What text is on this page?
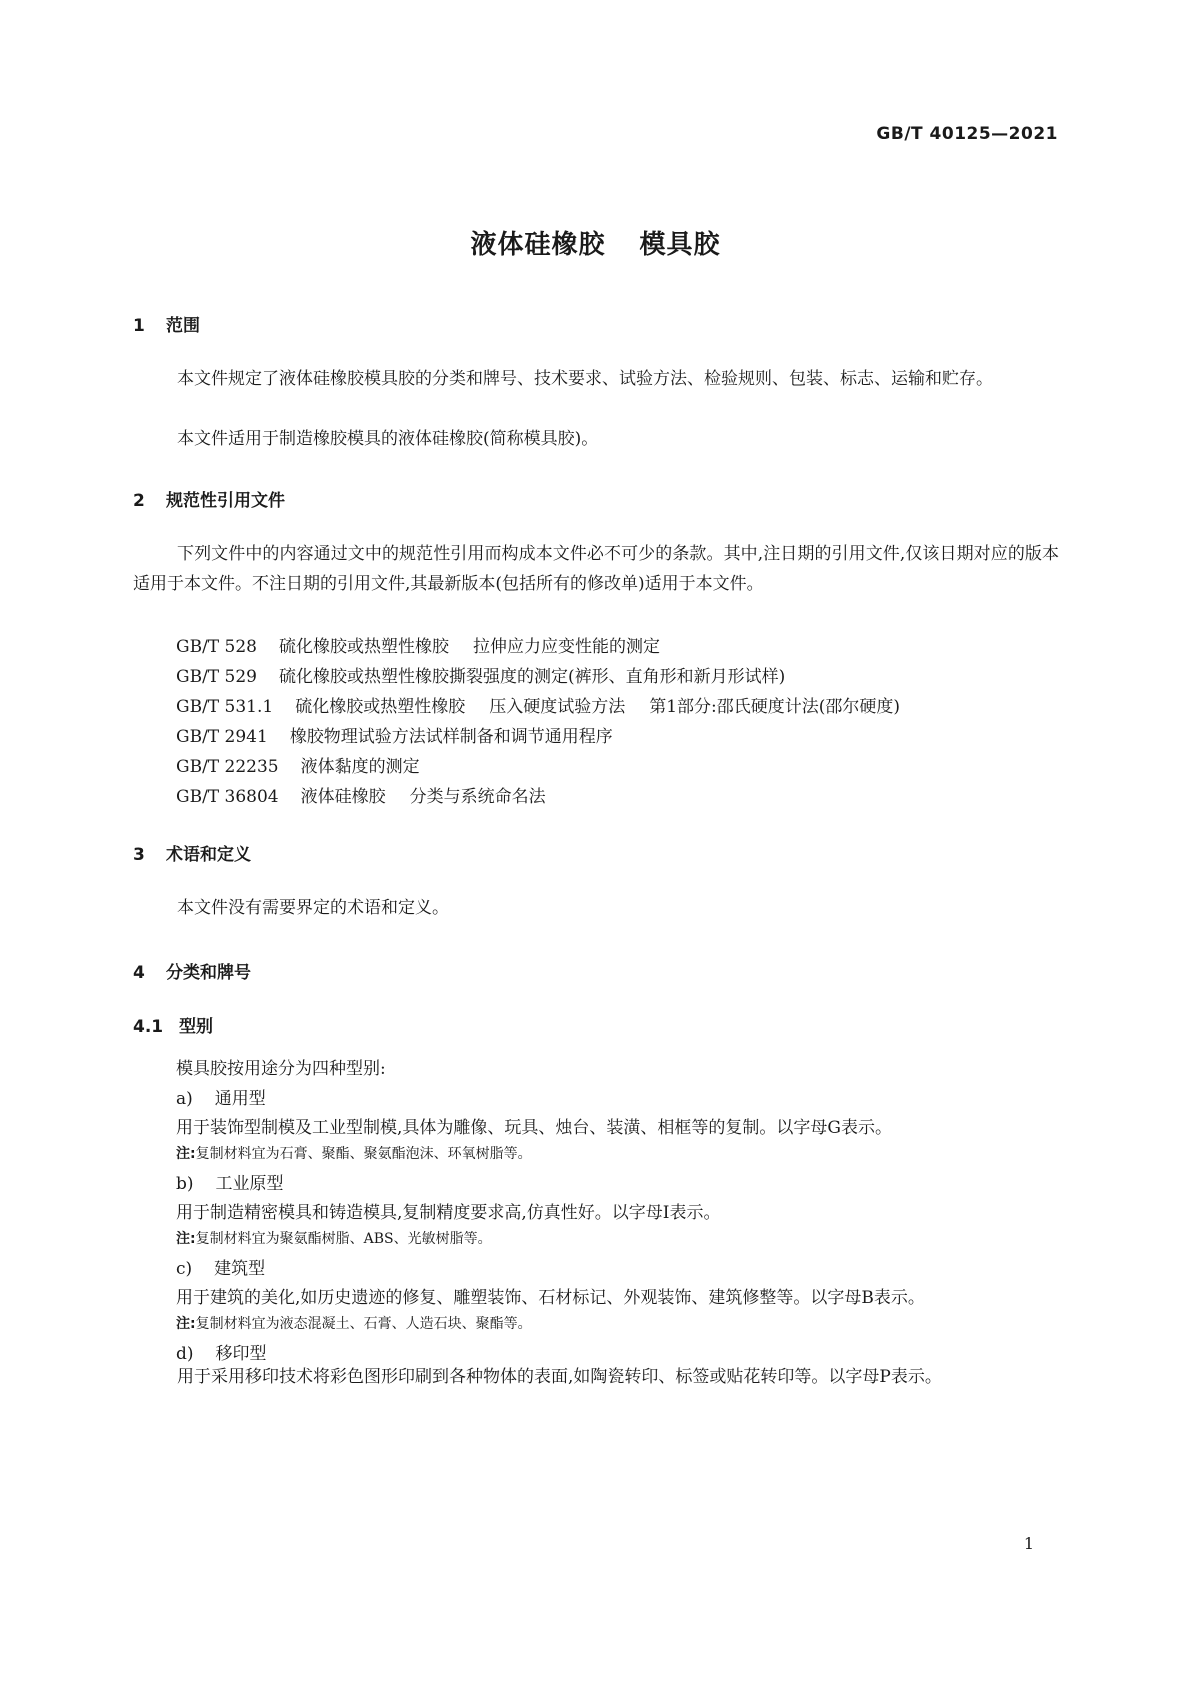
GB/T 40125—2021
液体硅橡胶 模具胶
1 范围
本文件规定了液体硅橡胶模具胶的分类和牌号、技术要求、试验方法、检验规则、包装、标志、运输和贮存。
本文件适用于制造橡胶模具的液体硅橡胶(简称模具胶)。
2 规范性引用文件
下列文件中的内容通过文中的规范性引用而构成本文件必不可少的条款。其中,注日期的引用文件,仅该日期对应的版本适用于本文件。不注日期的引用文件,其最新版本(包括所有的修改单)适用于本文件。
GB/T 528 硫化橡胶或热塑性橡胶 拉伸应力应变性能的测定
GB/T 529 硫化橡胶或热塑性橡胶撕裂强度的测定(裤形、直角形和新月形试样)
GB/T 531.1 硫化橡胶或热塑性橡胶 压入硬度试验方法 第1部分:邵氏硬度计法(邵尔硬度)
GB/T 2941 橡胶物理试验方法试样制备和调节通用程序
GB/T 22235 液体黏度的测定
GB/T 36804 液体硅橡胶 分类与系统命名法
3 术语和定义
本文件没有需要界定的术语和定义。
4 分类和牌号
4.1 型别
模具胶按用途分为四种型别:
a) 通用型
用于装饰型制模及工业型制模,具体为雕像、玩具、烛台、装潢、相框等的复制。以字母G表示。
注:复制材料宜为石膏、聚酯、聚氨酯泡沫、环氧树脂等。
b) 工业原型
用于制造精密模具和铸造模具,复制精度要求高,仿真性好。以字母I表示。
注:复制材料宜为聚氨酯树脂、ABS、光敏树脂等。
c) 建筑型
用于建筑的美化,如历史遗迹的修复、雕塑装饰、石材标记、外观装饰、建筑修整等。以字母B表示。
注:复制材料宜为液态混凝土、石膏、人造石块、聚酯等。
d) 移印型
用于采用移印技术将彩色图形印刷到各种物体的表面,如陶瓷转印、标签或贴花转印等。以字母P表示。
1
